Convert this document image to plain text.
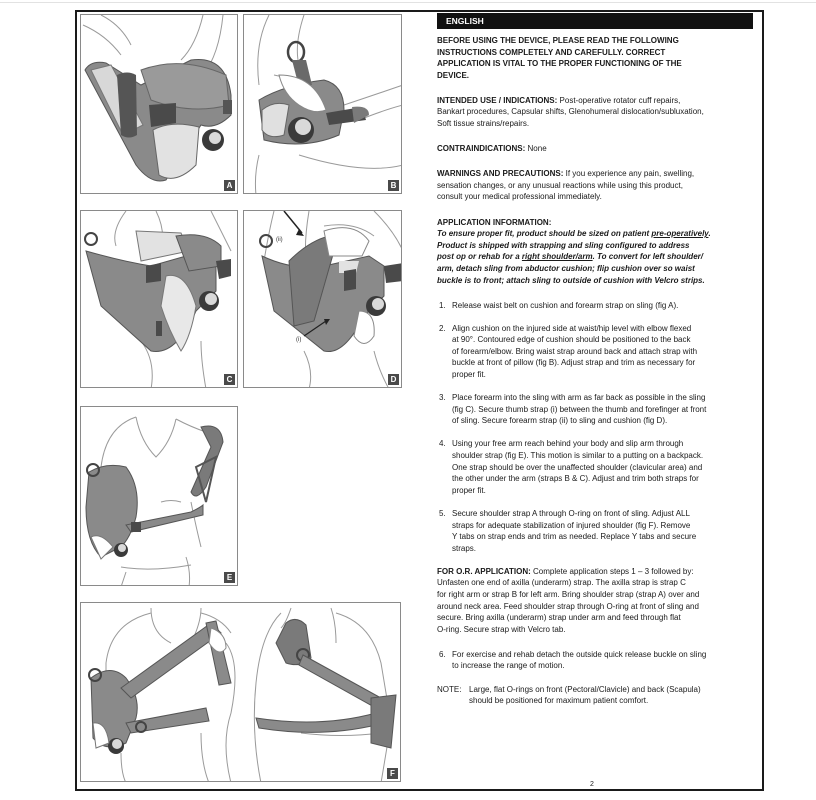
A	B
C
(ii)
(i)
D
E
F
ENGLISH
BEFORE USING THE DEVICE, PLEASE READ THE FOLLOWING
INSTRUCTIONS COMPLETELY AND CAREFULLY. CORRECT
APPLICATION IS VITAL TO THE PROPER FUNCTIONING OF THE
DEVICE.
INTENDED USE / INDICATIONS: Post-operative rotator cuff repairs,
Bankart procedures, Capsular shifts, Glenohumeral dislocation/subluxation,
Soft tissue strains/repairs.
CONTRAINDICATIONS: None
WARNINGS AND PRECAUTIONS: If you experience any pain, swelling,
sensation changes, or any unusual reactions while using this product,
consult your medical professional immediately.
APPLICATION INFORMATION:
To ensure proper fit, product should be sized on patient pre-operatively.
Product is shipped with strapping and sling configured to address
post op or rehab for a right shoulder/arm. To convert for left shoulder/
arm, detach sling from abductor cushion; flip cushion over so waist
buckle is to front; attach sling to outside of cushion with Velcro strips.
1. Release waist belt on cushion and forearm strap on sling (fig A).
2. Align cushion on the injured side at waist/hip level with elbow flexed
at 90°. Contoured edge of cushion should be positioned to the back
of forearm/elbow. Bring waist strap around back and attach strap with
buckle at front of pillow (fig B). Adjust strap and trim as necessary for
proper fit.
3. Place forearm into the sling with arm as far back as possible in the sling
(fig C). Secure thumb strap (i) between the thumb and forefinger at front
of sling. Secure forearm strap (ii) to sling and cushion (fig D).
4. Using your free arm reach behind your body and slip arm through
shoulder strap (fig E). This motion is similar to a putting on a backpack.
One strap should be over the unaffected shoulder (clavicular area) and
the other under the arm (straps B & C). Adjust and trim both straps for
proper fit.
5. Secure shoulder strap A through O-ring on front of sling. Adjust ALL
straps for adequate stabilization of injured shoulder (fig F). Remove
Y tabs on strap ends and trim as needed. Replace Y tabs and secure
straps.
FOR O.R. APPLICATION: Complete application steps 1 – 3 followed by:
Unfasten one end of axilla (underarm) strap. The axilla strap is strap C
for right arm or strap B for left arm. Bring shoulder strap (strap A) over and
around neck area. Feed shoulder strap through O-ring at front of sling and
secure. Bring axilla (underarm) strap under arm and feed through flat
O-ring. Secure strap with Velcro tab.
6. For exercise and rehab detach the outside quick release buckle on sling
to increase the range of motion.
NOTE: Large, flat O-rings on front (Pectoral/Clavicle) and back (Scapula)
should be positioned for maximum patient comfort.
2
